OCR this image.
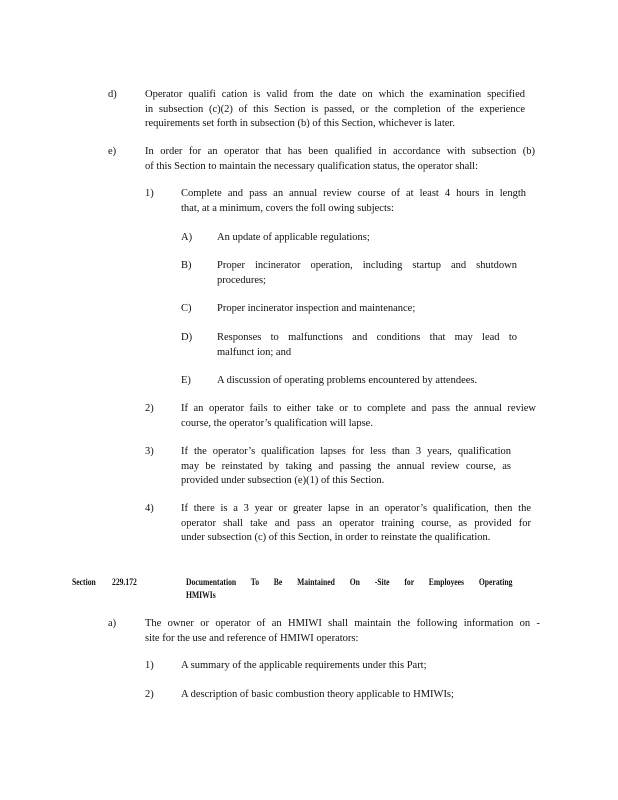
d)	Operator qualifi cation is valid from the date on which the examination specified
in subsection (c)(2) of this Section is passed, or the completion of the experience
requirements set forth in subsection (b) of this Section, whichever is later.
e)	In order for an operator that has been qualified in accordance with subsection (b)
of this Section to maintain the necessary qualification status, the operator shall:
1)	Complete and pass an annual review course of at least 4 hours in length
that, at a minimum, covers the foll owing subjects:
A) An update of applicable regulations;
B) Proper incinerator operation, including startup and shutdown
procedures;
C) Proper incinerator inspection and maintenance;
D) Responses to malfunctions and conditions that may lead to
malfunct ion; and
E) A discussion of operating problems encountered by attendees.
2)	If an operator fails to either take or to complete and pass the annual review
course, the operator’s qualification will lapse.
3)	If the operator’s qualification lapses for less than 3 years, qualification
may be reinstated by taking and passing the annual review course, as
provided under subsection (e)(1) of this Section.
4)	If there is a 3 year or greater lapse in an operator’s qualification, then the
operator shall take and pass an operator training course, as provided for
under subsection (c) of this Section, in order to reinstate the qualification.
Section 229.172	Documentation To Be Maintained On -Site for Employees Operating
HMIWIs
a)	The owner or operator of an HMIWI shall maintain the following information on -
site for the use and reference of HMIWI operators:
1)	A summary of the applicable requirements under this Part;
2)	A description of basic combustion theory applicable to HMIWIs;
